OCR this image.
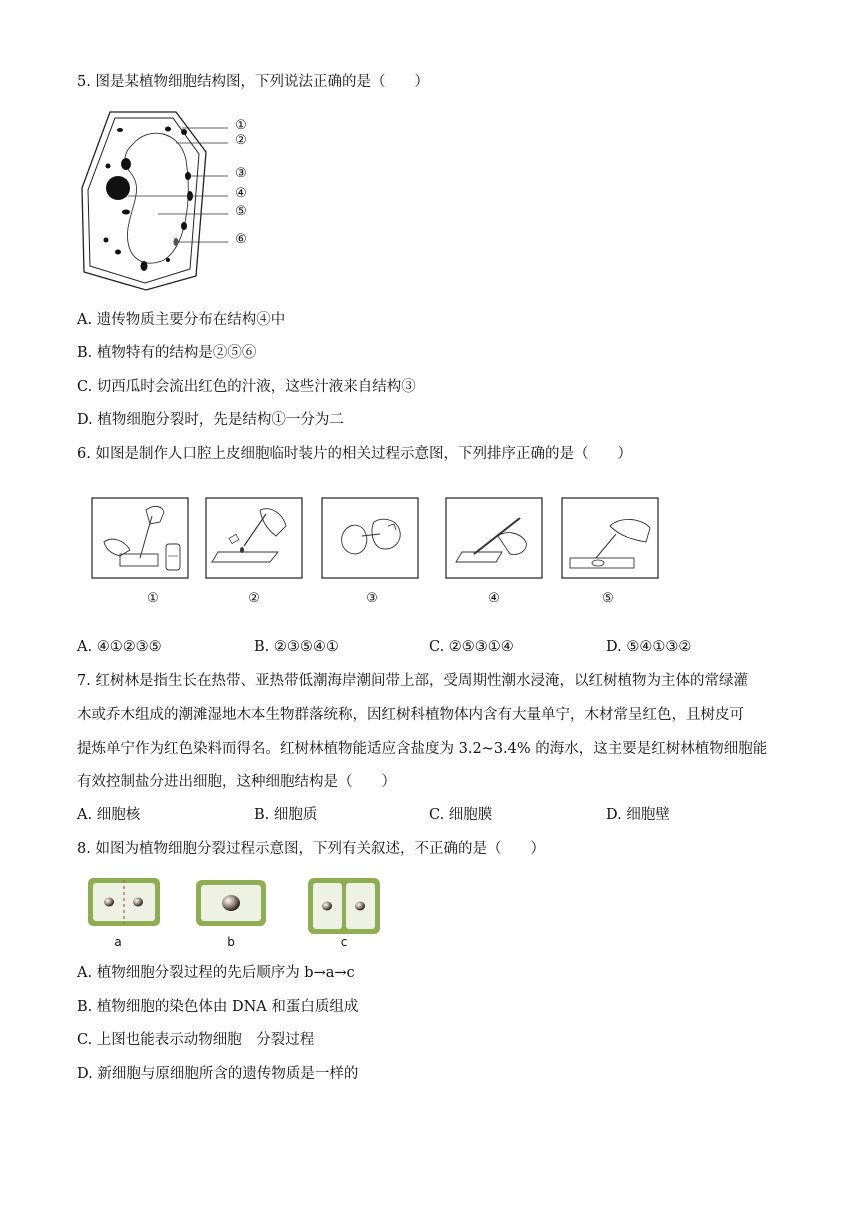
5. 图是某植物细胞结构图，下列说法正确的是（　　）
①
②
③
④
⑤
⑥
A. 遗传物质主要分布在结构④中
B. 植物特有的结构是②⑤⑥
C. 切西瓜时会流出红色的汁液，这些汁液来自结构③
D. 植物细胞分裂时，先是结构①一分为二
6. 如图是制作人口腔上皮细胞临时装片的相关过程示意图，下列排序正确的是（　　）
①	②	③	④	⑤
A. ④①②③⑤	B. ②③⑤④①	C. ②⑤③①④	D. ⑤④①③②
7. 红树林是指生长在热带、亚热带低潮海岸潮间带上部，受周期性潮水浸淹，以红树植物为主体的常绿灌
木或乔木组成的潮滩湿地木本生物群落统称，因红树科植物体内含有大量单宁，木材常呈红色，且树皮可
提炼单宁作为红色染料而得名。红树林植物能适应含盐度为 3.2~3.4% 的海水，这主要是红树林植物细胞能
有效控制盐分进出细胞，这种细胞结构是（　　）
A. 细胞核	B. 细胞质	C. 细胞膜	D. 细胞壁
8. 如图为植物细胞分裂过程示意图，下列有关叙述，不正确的是（　　）
a	b	c
A. 植物细胞分裂过程的先后顺序为 b→a→c
B. 植物细胞的染色体由 DNA 和蛋白质组成
C. 上图也能表示动物细胞　分裂过程
D. 新细胞与原细胞所含的遗传物质是一样的
